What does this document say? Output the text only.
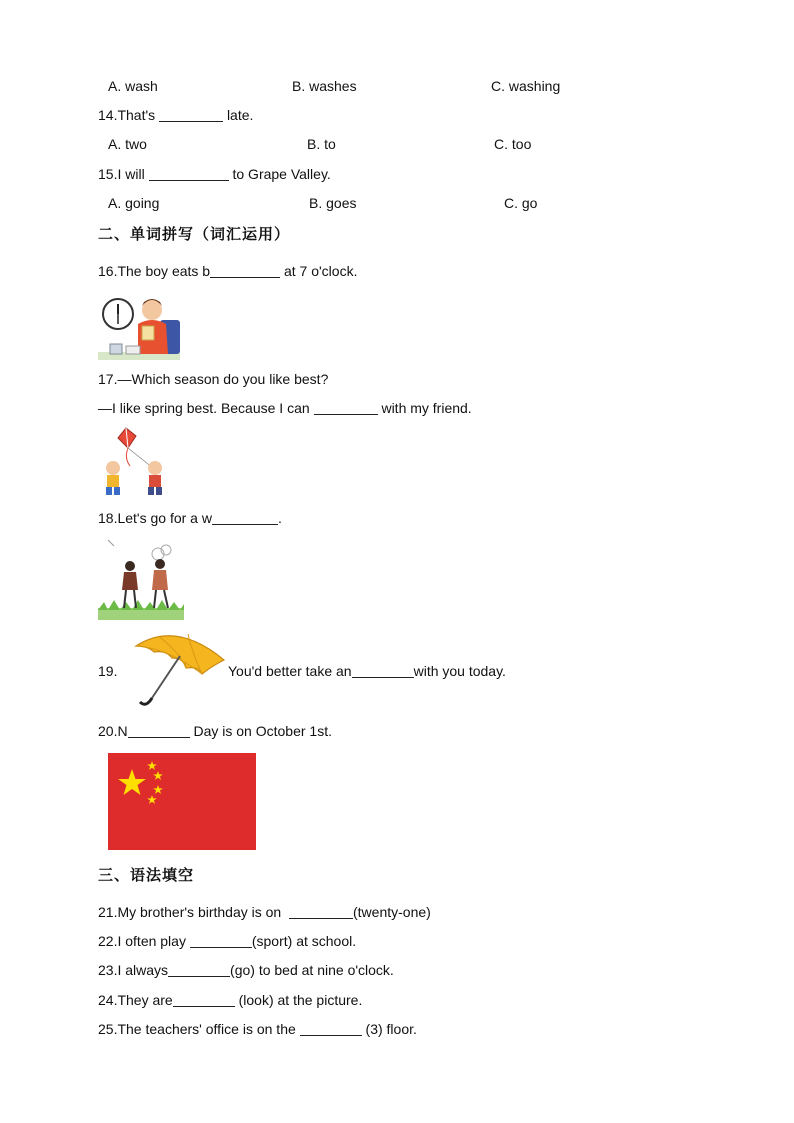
A. wash	B. washes	C. washing
14.That's	late.
A. two	B. to	C. too
15.I will	to Grape Valley.
A. going	B. goes	C. go
二、单词拼写（词汇运用）
16.The boy eats b	at 7 o'clock.
17.—Which season do you like best?
—I like spring best. Because I can	with my friend.
18.Let's go for a w	.
19.	You'd better take an	with you today.
20.N	Day is on October 1st.
三、语法填空
21.My brother's birthday is on	(twenty-one)
22.I often play	(sport) at school.
23.I always	(go) to bed at nine o'clock.
24.They are	(look) at the picture.
25.The teachers' office is on the	(3) floor.
